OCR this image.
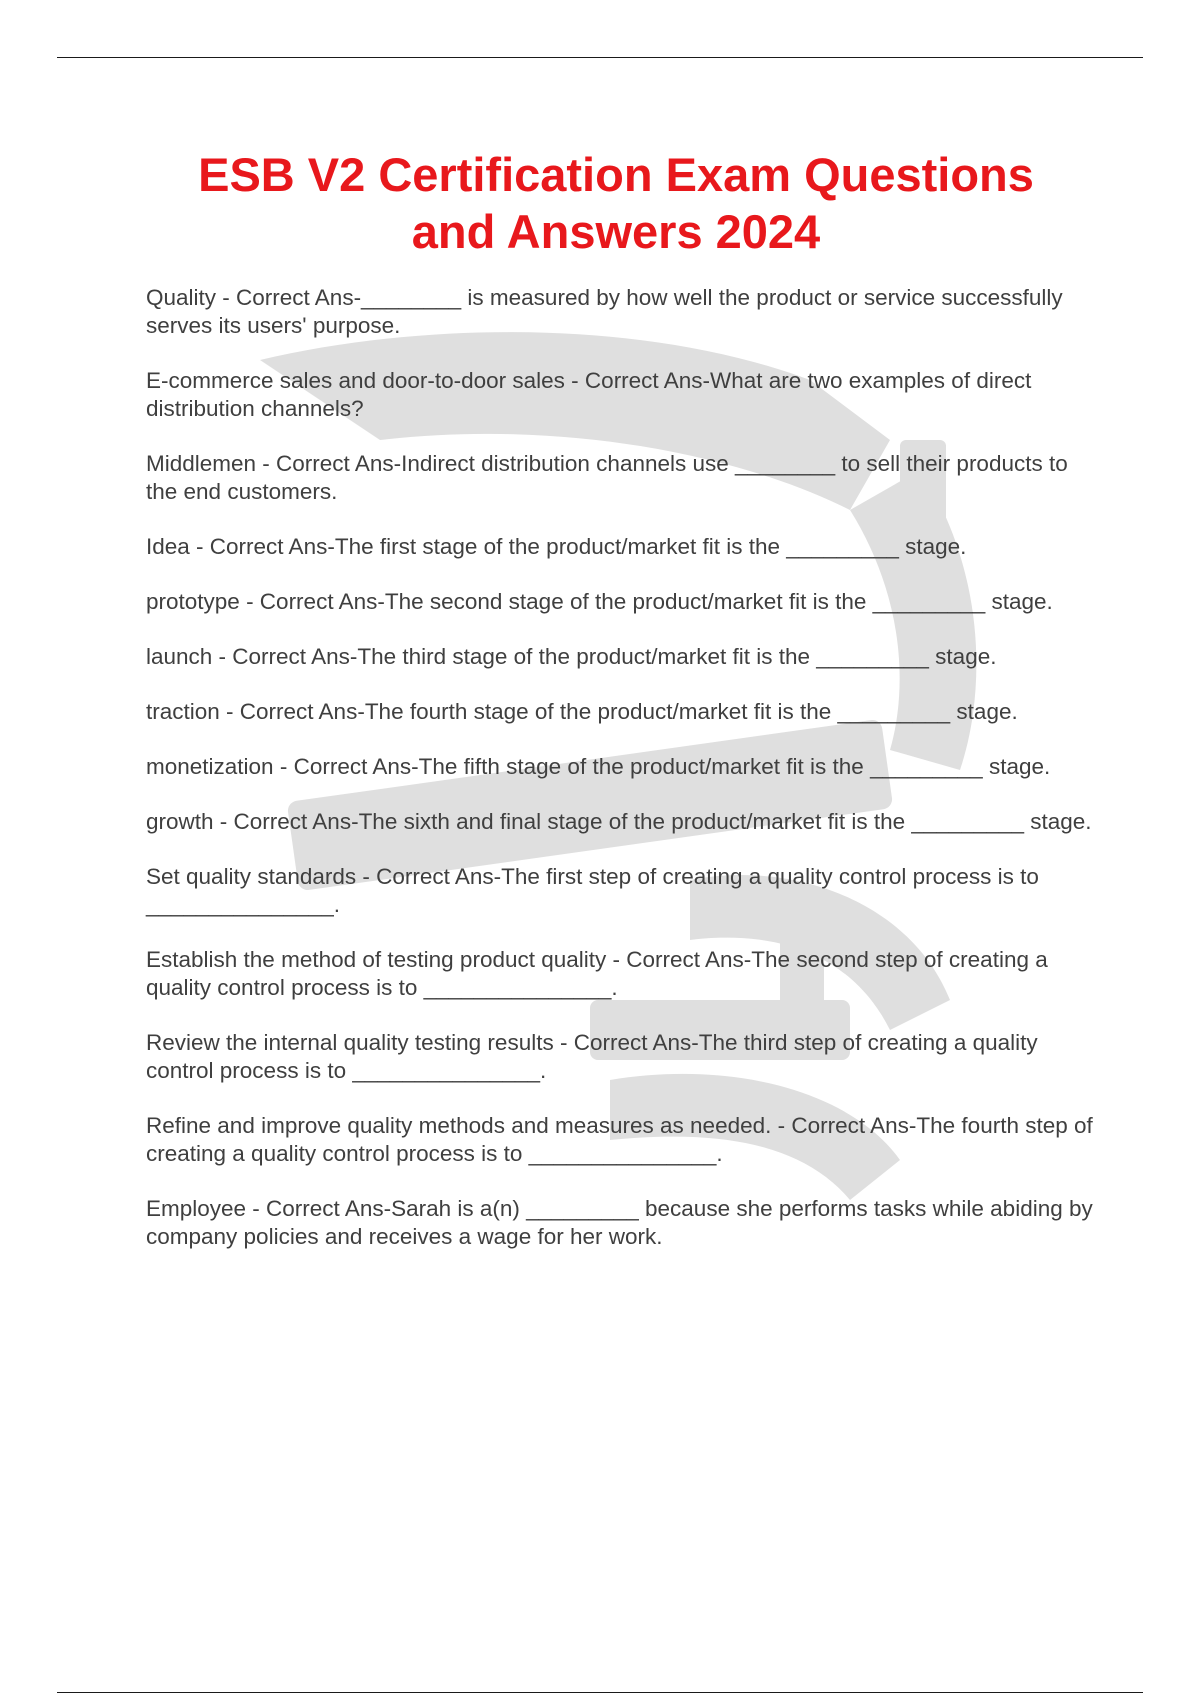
ESB V2 Certification Exam Questions
and Answers 2024

Quality - Correct Ans-________ is measured by how well the product or service successfully serves its users' purpose.

E-commerce sales and door-to-door sales - Correct Ans-What are two examples of direct distribution channels?

Middlemen - Correct Ans-Indirect distribution channels use ________ to sell their products to the end customers.

Idea - Correct Ans-The first stage of the product/market fit is the _________ stage.

prototype - Correct Ans-The second stage of the product/market fit is the _________ stage.

launch - Correct Ans-The third stage of the product/market fit is the _________ stage.

traction - Correct Ans-The fourth stage of the product/market fit is the _________ stage.

monetization - Correct Ans-The fifth stage of the product/market fit is the _________ stage.

growth - Correct Ans-The sixth and final stage of the product/market fit is the _________ stage.

Set quality standards - Correct Ans-The first step of creating a quality control process is to _______________.

Establish the method of testing product quality - Correct Ans-The second step of creating a quality control process is to _______________.

Review the internal quality testing results - Correct Ans-The third step of creating a quality control process is to _______________.

Refine and improve quality methods and measures as needed. - Correct Ans-The fourth step of creating a quality control process is to _______________.

Employee - Correct Ans-Sarah is a(n) _________ because she performs tasks while abiding by company policies and receives a wage for her work.
